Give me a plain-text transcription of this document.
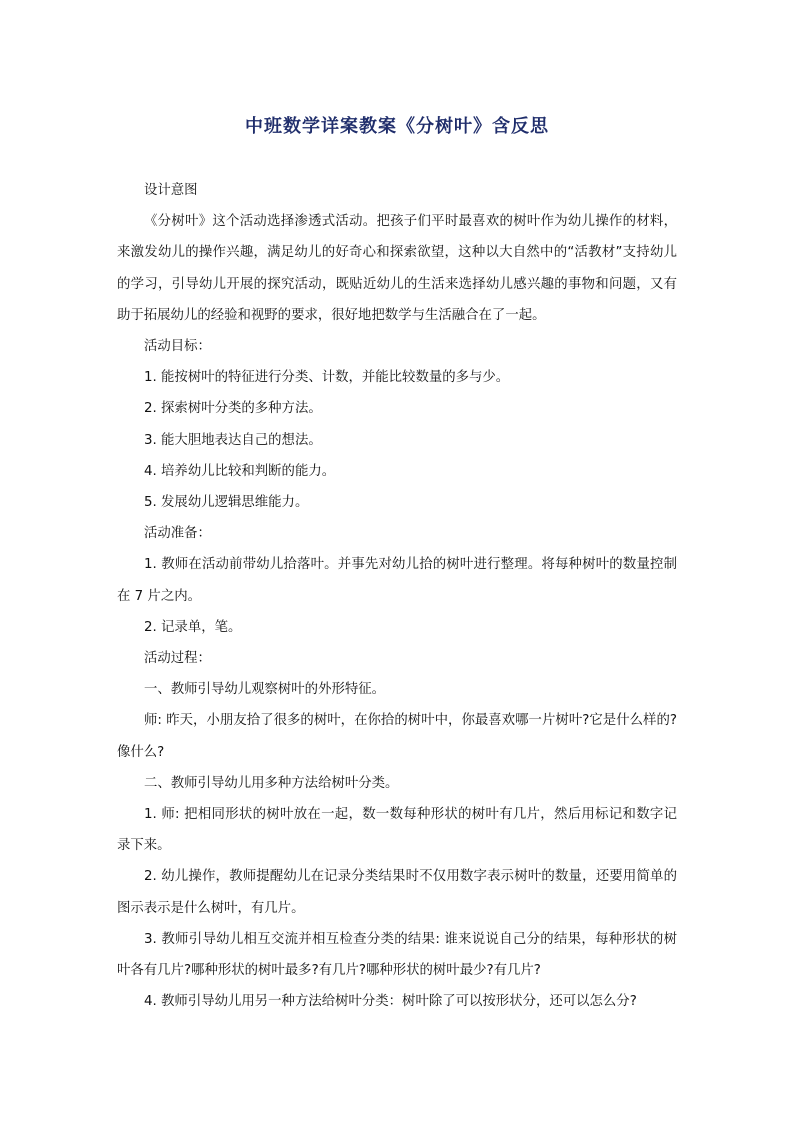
中班数学详案教案《分树叶》含反思

设计意图

《分树叶》这个活动选择渗透式活动。把孩子们平时最喜欢的树叶作为幼儿操作的材料，来激发幼儿的操作兴趣，满足幼儿的好奇心和探索欲望，这种以大自然中的“活教材”支持幼儿的学习，引导幼儿开展的探究活动，既贴近幼儿的生活来选择幼儿感兴趣的事物和问题，又有助于拓展幼儿的经验和视野的要求，很好地把数学与生活融合在了一起。

活动目标：

1. 能按树叶的特征进行分类、计数，并能比较数量的多与少。

2. 探索树叶分类的多种方法。

3. 能大胆地表达自己的想法。

4. 培养幼儿比较和判断的能力。

5. 发展幼儿逻辑思维能力。

活动准备：

1. 教师在活动前带幼儿拾落叶。并事先对幼儿拾的树叶进行整理。将每种树叶的数量控制在 7 片之内。

2. 记录单，笔。

活动过程：

一、教师引导幼儿观察树叶的外形特征。

师: 昨天，小朋友拾了很多的树叶，在你拾的树叶中，你最喜欢哪一片树叶?它是什么样的?像什么?

二、教师引导幼儿用多种方法给树叶分类。

1. 师: 把相同形状的树叶放在一起，数一数每种形状的树叶有几片，然后用标记和数字记录下来。

2. 幼儿操作，教师提醒幼儿在记录分类结果时不仅用数字表示树叶的数量，还要用简单的图示表示是什么树叶，有几片。

3. 教师引导幼儿相互交流并相互检查分类的结果: 谁来说说自己分的结果，每种形状的树叶各有几片?哪种形状的树叶最多?有几片?哪种形状的树叶最少?有几片?

4. 教师引导幼儿用另一种方法给树叶分类：树叶除了可以按形状分，还可以怎么分?
